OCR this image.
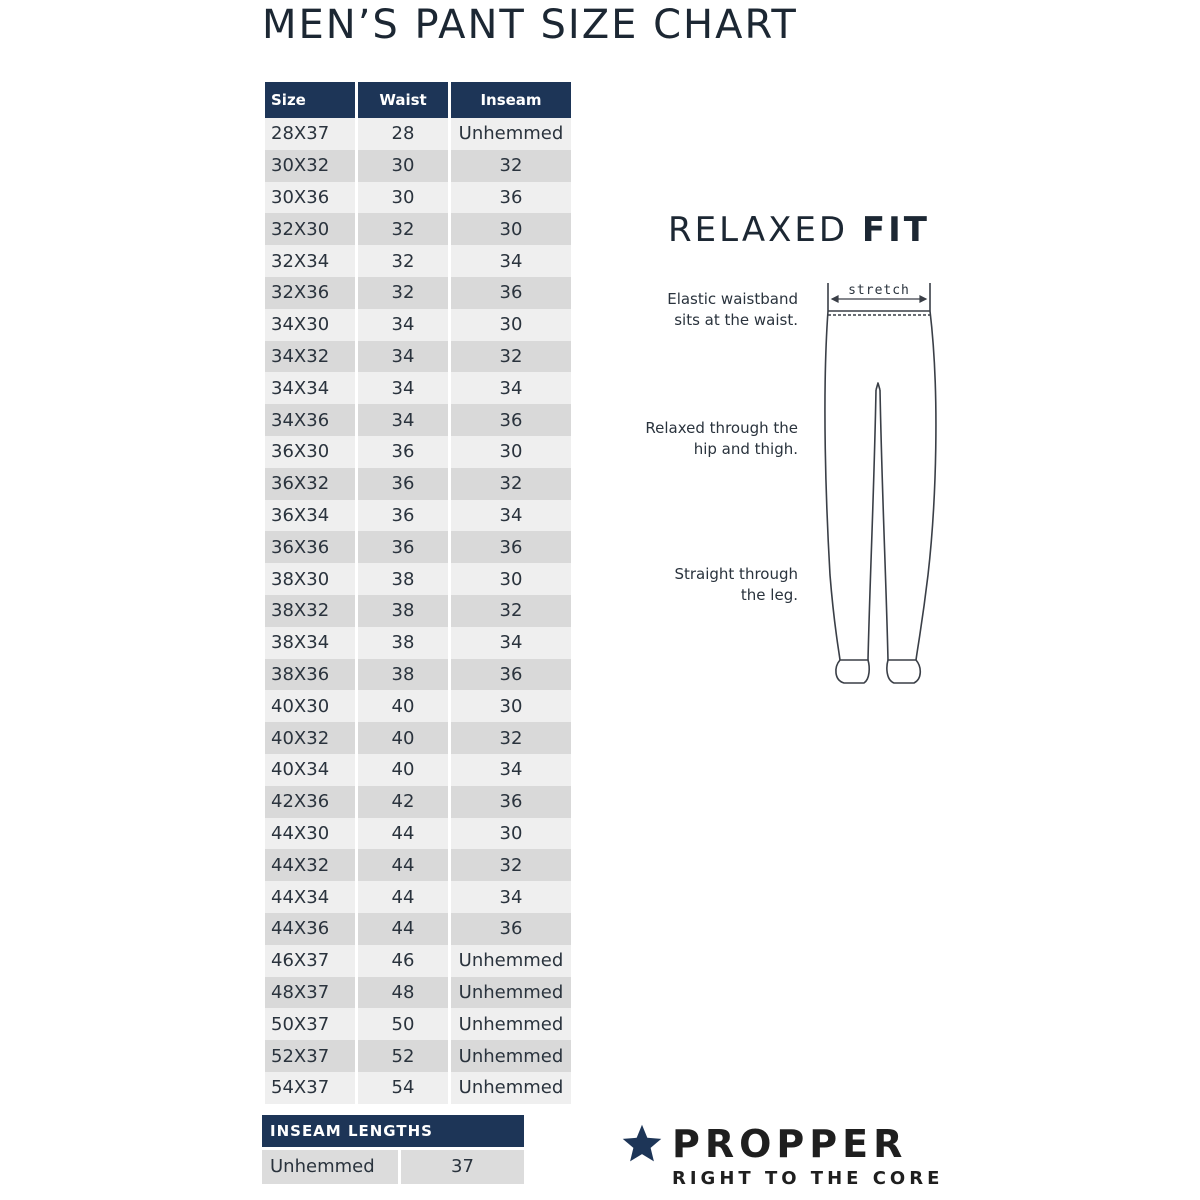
MEN’S PANT SIZE CHART
Size	Waist	Inseam
28X37	28	Unhemmed
30X32	30	32
30X36	30	36
32X30	32	30
32X34	32	34
32X36	32	36
34X30	34	30
34X32	34	32
34X34	34	34
34X36	34	36
36X30	36	30
36X32	36	32
36X34	36	34
36X36	36	36
38X30	38	30
38X32	38	32
38X34	38	34
38X36	38	36
40X30	40	30
40X32	40	32
40X34	40	34
42X36	42	36
44X30	44	30
44X32	44	32
44X34	44	34
44X36	44	36
46X37	46	Unhemmed
48X37	48	Unhemmed
50X37	50	Unhemmed
52X37	52	Unhemmed
54X37	54	Unhemmed
INSEAM LENGTHS
Unhemmed	37
RELAXED FIT
Elastic waistband
sits at the waist.
Relaxed through the
hip and thigh.
Straight through
the leg.
stretch
PROPPER
RIGHT TO THE CORE
